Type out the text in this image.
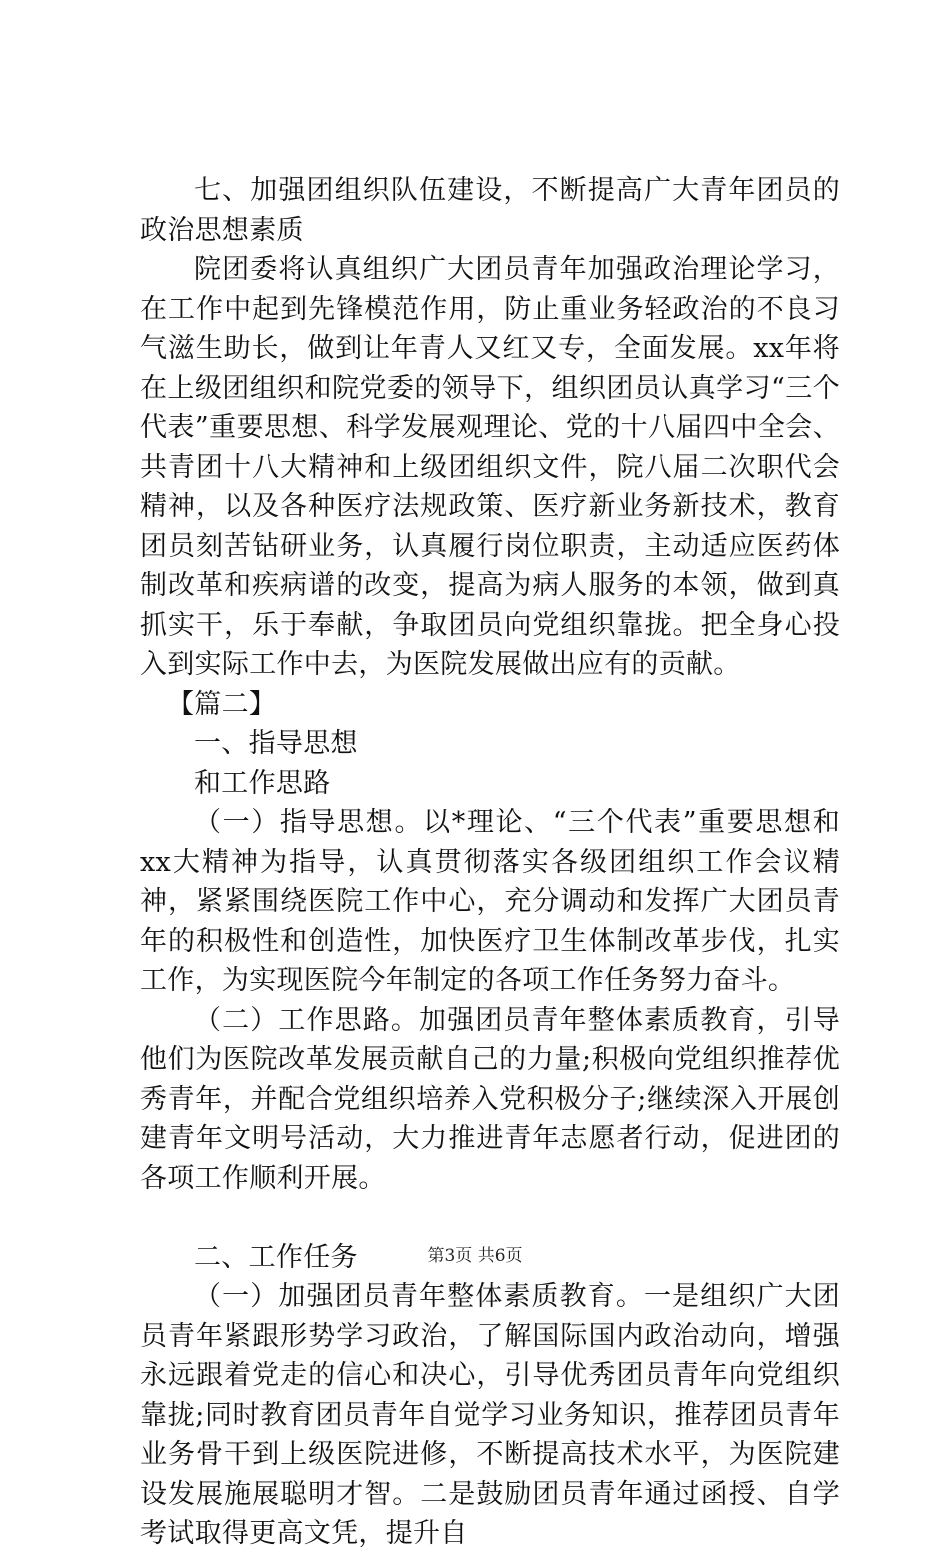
七、加强团组织队伍建设，不断提高广大青年团员的政治思想素质

院团委将认真组织广大团员青年加强政治理论学习，在工作中起到先锋模范作用，防止重业务轻政治的不良习气滋生助长，做到让年青人又红又专，全面发展。xx年将在上级团组织和院党委的领导下，组织团员认真学习“三个代表”重要思想、科学发展观理论、党的十八届四中全会、共青团十八大精神和上级团组织文件，院八届二次职代会精神，以及各种医疗法规政策、医疗新业务新技术，教育团员刻苦钻研业务，认真履行岗位职责，主动适应医药体制改革和疾病谱的改变，提高为病人服务的本领，做到真抓实干，乐于奉献，争取团员向党组织靠拢。把全身心投入到实际工作中去，为医院发展做出应有的贡献。

【篇二】

一、指导思想

和工作思路

（一）指导思想。以*理论、“三个代表”重要思想和xx大精神为指导，认真贯彻落实各级团组织工作会议精神，紧紧围绕医院工作中心，充分调动和发挥广大团员青年的积极性和创造性，加快医疗卫生体制改革步伐，扎实工作，为实现医院今年制定的各项工作任务努力奋斗。

（二）工作思路。加强团员青年整体素质教育，引导他们为医院改革发展贡献自己的力量;积极向党组织推荐优秀青年，并配合党组织培养入党积极分子;继续深入开展创建青年文明号活动，大力推进青年志愿者行动，促进团的各项工作顺利开展。

二、工作任务

（一）加强团员青年整体素质教育。一是组织广大团员青年紧跟形势学习政治，了解国际国内政治动向，增强永远跟着党走的信心和决心，引导优秀团员青年向党组织靠拢;同时教育团员青年自觉学习业务知识，推荐团员青年业务骨干到上级医院进修，不断提高技术水平，为医院建设发展施展聪明才智。二是鼓励团员青年通过函授、自学考试取得更高文凭，提升自

第3页 共6页
